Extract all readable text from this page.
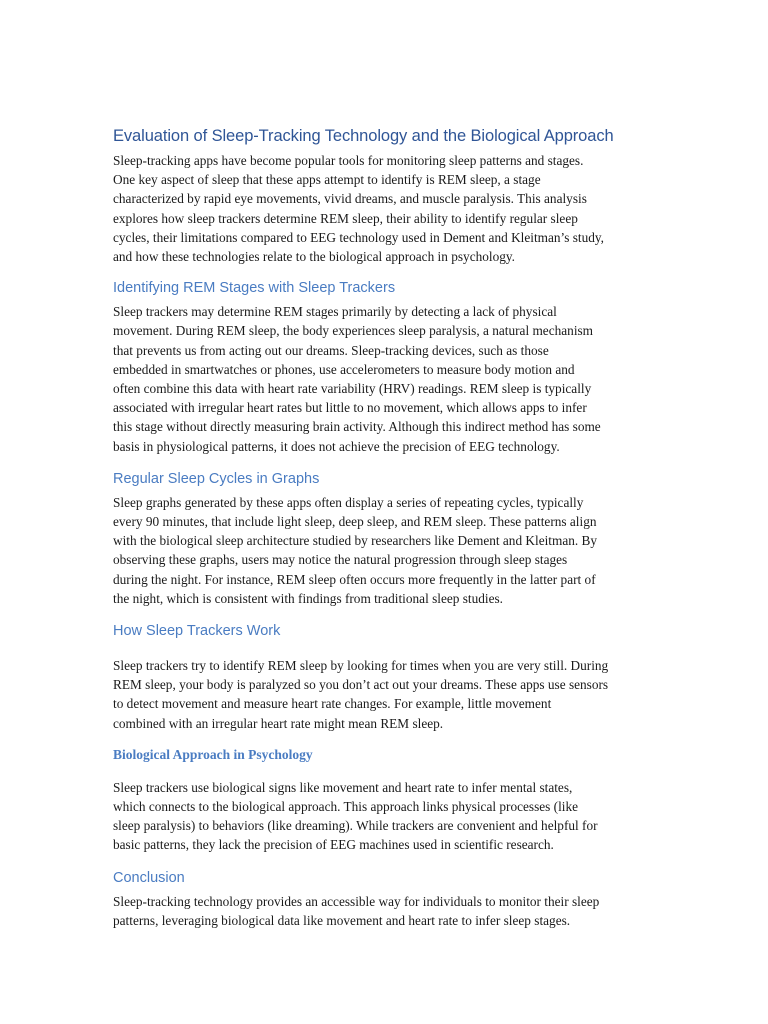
Evaluation of Sleep-Tracking Technology and the Biological Approach

Sleep-tracking apps have become popular tools for monitoring sleep patterns and stages.
One key aspect of sleep that these apps attempt to identify is REM sleep, a stage
characterized by rapid eye movements, vivid dreams, and muscle paralysis. This analysis
explores how sleep trackers determine REM sleep, their ability to identify regular sleep
cycles, their limitations compared to EEG technology used in Dement and Kleitman’s study,
and how these technologies relate to the biological approach in psychology.

Identifying REM Stages with Sleep Trackers

Sleep trackers may determine REM stages primarily by detecting a lack of physical
movement. During REM sleep, the body experiences sleep paralysis, a natural mechanism
that prevents us from acting out our dreams. Sleep-tracking devices, such as those
embedded in smartwatches or phones, use accelerometers to measure body motion and
often combine this data with heart rate variability (HRV) readings. REM sleep is typically
associated with irregular heart rates but little to no movement, which allows apps to infer
this stage without directly measuring brain activity. Although this indirect method has some
basis in physiological patterns, it does not achieve the precision of EEG technology.

Regular Sleep Cycles in Graphs

Sleep graphs generated by these apps often display a series of repeating cycles, typically
every 90 minutes, that include light sleep, deep sleep, and REM sleep. These patterns align
with the biological sleep architecture studied by researchers like Dement and Kleitman. By
observing these graphs, users may notice the natural progression through sleep stages
during the night. For instance, REM sleep often occurs more frequently in the latter part of
the night, which is consistent with findings from traditional sleep studies.

How Sleep Trackers Work

Sleep trackers try to identify REM sleep by looking for times when you are very still. During
REM sleep, your body is paralyzed so you don’t act out your dreams. These apps use sensors
to detect movement and measure heart rate changes. For example, little movement
combined with an irregular heart rate might mean REM sleep.

Biological Approach in Psychology

Sleep trackers use biological signs like movement and heart rate to infer mental states,
which connects to the biological approach. This approach links physical processes (like
sleep paralysis) to behaviors (like dreaming). While trackers are convenient and helpful for
basic patterns, they lack the precision of EEG machines used in scientific research.

Conclusion

Sleep-tracking technology provides an accessible way for individuals to monitor their sleep
patterns, leveraging biological data like movement and heart rate to infer sleep stages.
